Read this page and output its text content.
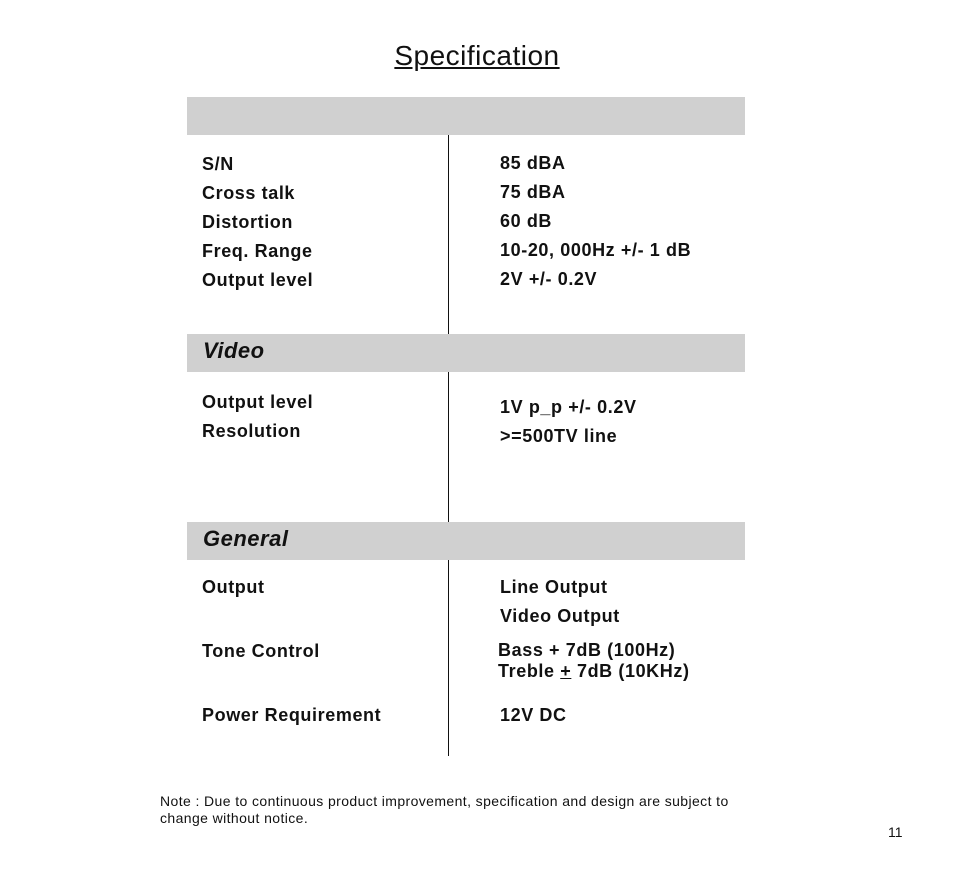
Specification
S/N	85 dBA
Cross talk	75 dBA
Distortion	60 dB
Freq. Range	10-20, 000Hz +/- 1 dB
Output level	2V +/- 0.2V
Video
Output level	1V p_p +/- 0.2V
Resolution	>=500TV line
General
Output	Line Output
Video Output
Tone Control	Bass + 7dB (100Hz)
Treble + 7dB (10KHz)
Power Requirement	12V DC
Note : Due to continuous product improvement, specification and design are subject to
change without notice.
11
